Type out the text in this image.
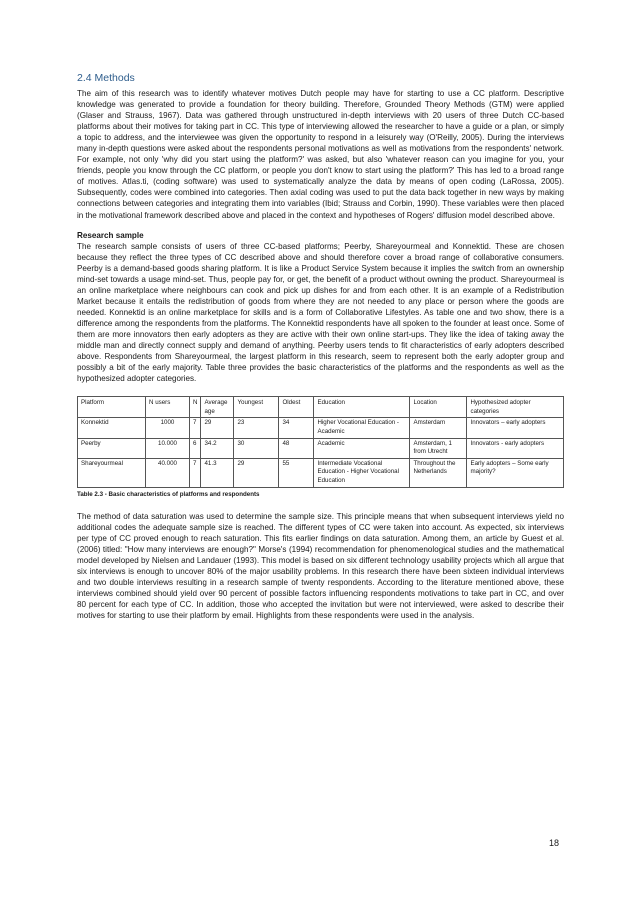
2.4 Methods

The aim of this research was to identify whatever motives Dutch people may have for starting to use a CC platform. Descriptive knowledge was generated to provide a foundation for theory building. Therefore, Grounded Theory Methods (GTM) were applied (Glaser and Strauss, 1967). Data was gathered through unstructured in-depth interviews with 20 users of three Dutch CC-based platforms about their motives for taking part in CC. This type of interviewing allowed the researcher to have a guide or a plan, or simply a topic to address, and the interviewee was given the opportunity to respond in a leisurely way (O'Reilly, 2005). During the interviews many in-depth questions were asked about the respondents personal motivations as well as motivations from the respondents' network. For example, not only 'why did you start using the platform?' was asked, but also 'whatever reason can you imagine for you, your friends, people you know through the CC platform, or people you don't know to start using the platform?' This has led to a broad range of motives. Atlas.ti, (coding software) was used to systematically analyze the data by means of open coding (LaRossa, 2005). Subsequently, codes were combined into categories. Then axial coding was used to put the data back together in new ways by making connections between categories and integrating them into variables (Ibid; Strauss and Corbin, 1990). These variables were then placed in the motivational framework described above and placed in the context and hypotheses of Rogers' diffusion model described above.

Research sample

The research sample consists of users of three CC-based platforms; Peerby, Shareyourmeal and Konnektid. These are chosen because they reflect the three types of CC described above and should therefore cover a broad range of collaborative consumers. Peerby is a demand-based goods sharing platform. It is like a Product Service System because it implies the switch from an ownership mind-set towards a usage mind-set. Thus, people pay for, or get, the benefit of a product without owning the product. Shareyourmeal is an online marketplace where neighbours can cook and pick up dishes for and from each other. It is an example of a Redistribution Market because it entails the redistribution of goods from where they are not needed to any place or person where the goods are needed. Konnektid is an online marketplace for skills and is a form of Collaborative Lifestyles. As table one and two show, there is a difference among the respondents from the platforms. The Konnektid respondents have all spoken to the founder at least once. Some of them are more innovators then early adopters as they are active with their own online start-ups. They like the idea of taking away the middle man and directly connect supply and demand of anything. Peerby users tends to fit characteristics of early adopters described above. Respondents from Shareyourmeal, the largest platform in this research, seem to represent both the early adopter group and possibly a bit of the early majority. Table three provides the basic characteristics of the platforms and the respondents as well as the hypothesized adopter categories.

Platform	N users	N	Average age	Youngest	Oldest	Education	Location	Hypothesized adopter categories
Konnektid	1000	7	29	23	34	Higher Vocational Education - Academic	Amsterdam	Innovators – early adopters
Peerby	10.000	6	34.2	30	48	Academic	Amsterdam, 1 from Utrecht	Innovators - early adopters
Shareyourmeal	40.000	7	41.3	29	55	Intermediate Vocational Education - Higher Vocational Education	Throughout the Netherlands	Early adopters – Some early majority?
Table 2.3 - Basic characteristics of platforms and respondents

The method of data saturation was used to determine the sample size. This principle means that when subsequent interviews yield no additional codes the adequate sample size is reached. The different types of CC were taken into account. As expected, six interviews per type of CC proved enough to reach saturation. This fits earlier findings on data saturation. Among them, an article by Guest et al. (2006) titled: "How many interviews are enough?" Morse's (1994) recommendation for phenomenological studies and the mathematical model developed by Nielsen and Landauer (1993). This model is based on six different technology usability projects which all argue that six interviews is enough to uncover 80% of the major usability problems. In this research there have been sixteen individual interviews and two double interviews resulting in a research sample of twenty respondents. According to the literature mentioned above, these interviews combined should yield over 90 percent of possible factors influencing respondents motivations to take part in CC, and over 80 percent for each type of CC. In addition, those who accepted the invitation but were not interviewed, were asked to describe their motives for starting to use their platform by email. Highlights from these respondents were used in the analysis.

18
